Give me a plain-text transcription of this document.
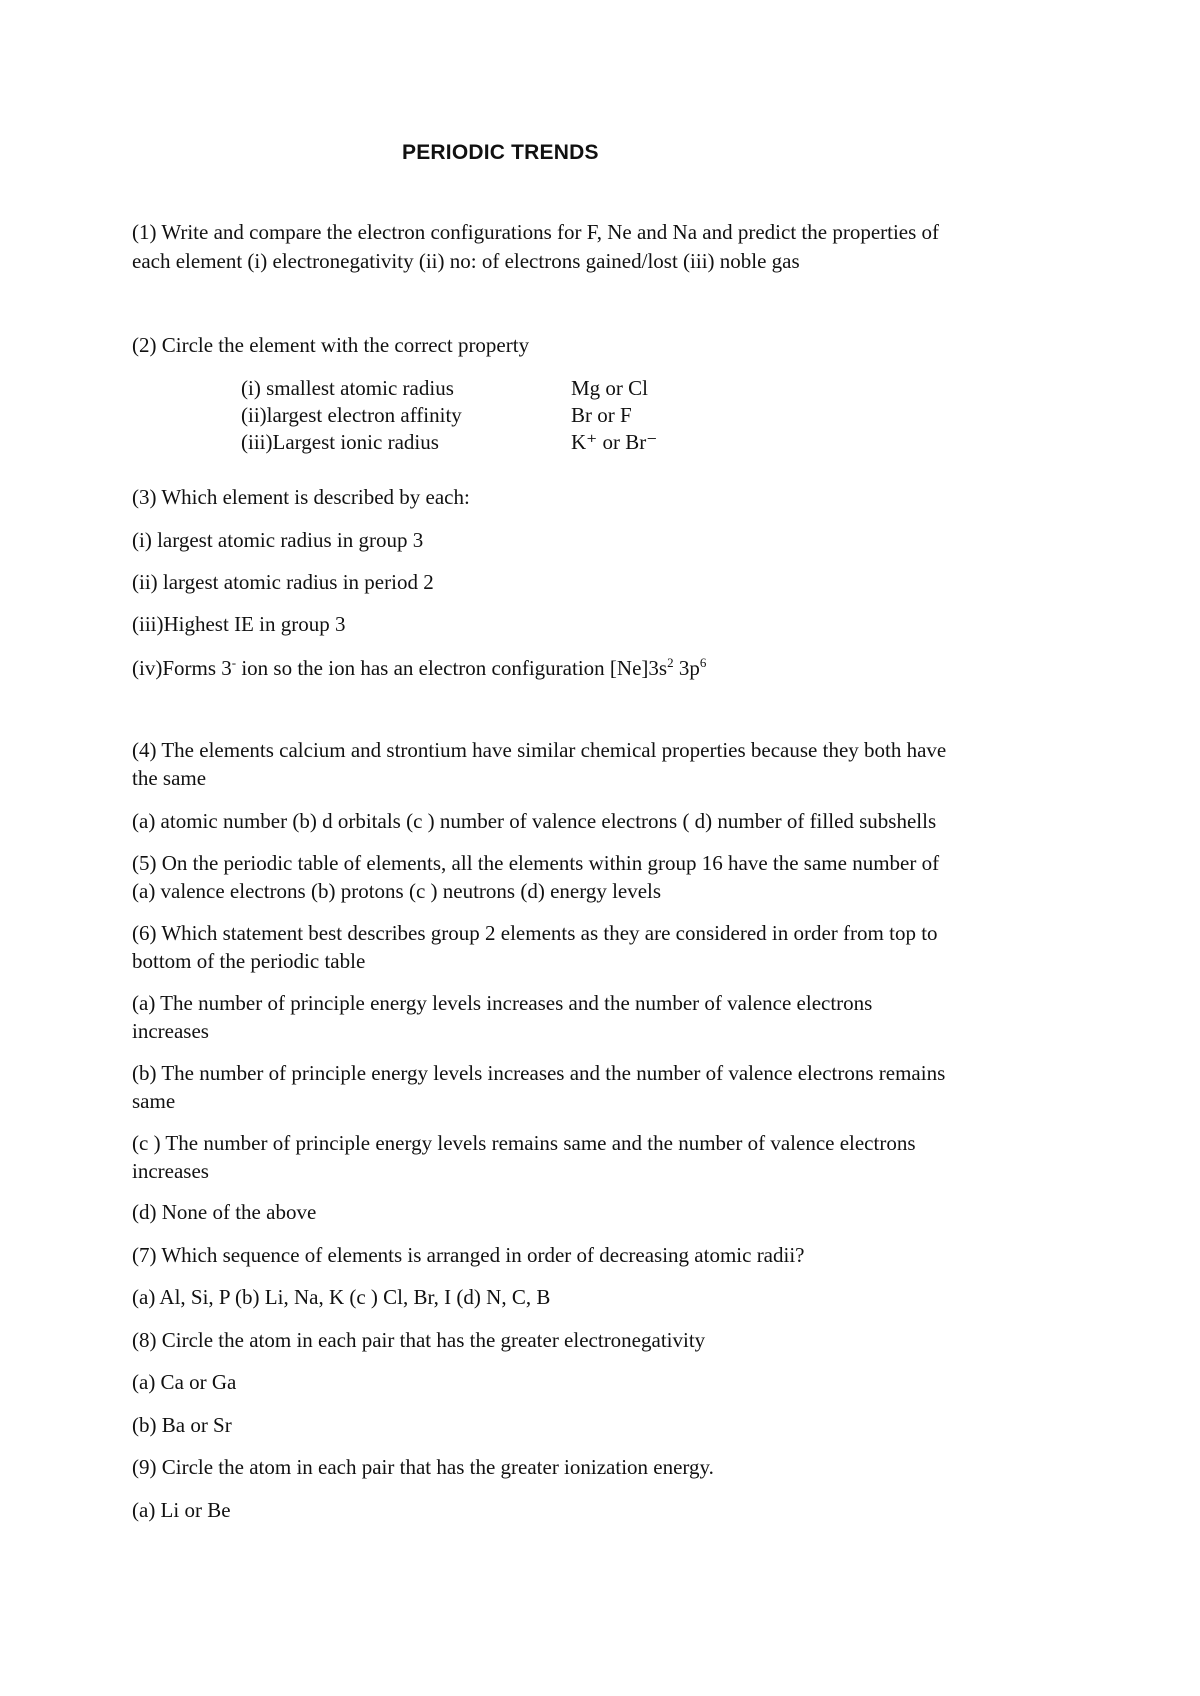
PERIODIC TRENDS
(1) Write and compare the electron configurations for F, Ne and Na and predict the properties of
each element (i) electronegativity (ii) no: of electrons gained/lost (iii) noble gas
(2) Circle the element with the correct property
(i) smallest atomic radius	Mg or Cl
(ii)largest electron affinity	Br or F
(iii)Largest ionic radius	K⁺ or Br⁻
(3) Which element is described by each:
(i) largest atomic radius in group 3
(ii) largest atomic radius in period 2
(iii)Highest IE in group 3
(iv)Forms 3- ion so the ion has an electron configuration $[Ne]3s^2$ $3p^6$
(4) The elements calcium and strontium have similar chemical properties because they both have
the same
(a) atomic number (b) d orbitals (c ) number of valence electrons ( d) number of filled subshells
(5) On the periodic table of elements, all the elements within group 16 have the same number of
(a) valence electrons (b) protons (c ) neutrons (d) energy levels
(6) Which statement best describes group 2 elements as they are considered in order from top to
bottom of the periodic table
(a) The number of principle energy levels increases and the number of valence electrons
increases
(b) The number of principle energy levels increases and the number of valence electrons remains
same
(c ) The number of principle energy levels remains same and the number of valence electrons
increases
(d) None of the above
(7) Which sequence of elements is arranged in order of decreasing atomic radii?
(a) Al, Si, P (b) Li, Na, K (c ) Cl, Br, I (d) N, C, B
(8) Circle the atom in each pair that has the greater electronegativity
(a) Ca or Ga
(b) Ba or Sr
(9) Circle the atom in each pair that has the greater ionization energy.
(a) Li or Be
